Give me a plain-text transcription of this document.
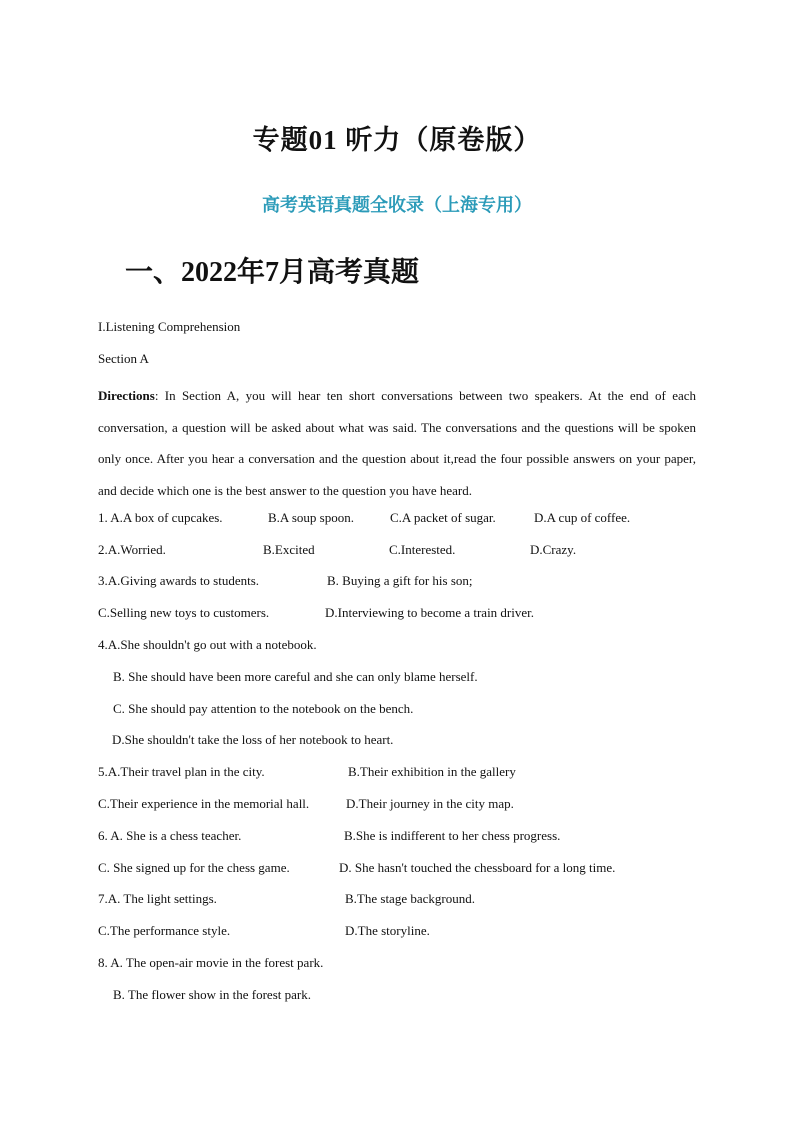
专题01 听力（原卷版）
高考英语真题全收录（上海专用）
一、2022年7月高考真题
I.Listening Comprehension
Section A

Directions: In Section A, you will hear ten short conversations between two speakers. At the end of each conversation, a question will be asked about what was said. The conversations and the questions will be spoken only once. After you hear a conversation and the question about it,read the four possible answers on your paper, and decide which one is the best answer to the question you have heard.

1. A.A box of cupcakes.	B.A soup spoon.	C.A packet of sugar.	D.A cup of coffee.
2.A.Worried.	B.Excited	C.Interested.	D.Crazy.
3.A.Giving awards to students.	B. Buying a gift for his son;
C.Selling new toys to customers.	D.Interviewing to become a train driver.
4.A.She shouldn't go out with a notebook.
B. She should have been more careful and she can only blame herself.
C. She should pay attention to the notebook on the bench.
D.She shouldn't take the loss of her notebook to heart.
5.A.Their travel plan in the city.	B.Their exhibition in the gallery
C.Their experience in the memorial hall.	D.Their journey in the city map.
6. A. She is a chess teacher.	B.She is indifferent to her chess progress.
C. She signed up for the chess game.	D. She hasn't touched the chessboard for a long time.
7.A. The light settings.	B.The stage background.
C.The performance style.	D.The storyline.
8. A. The open-air movie in the forest park.
B. The flower show in the forest park.
